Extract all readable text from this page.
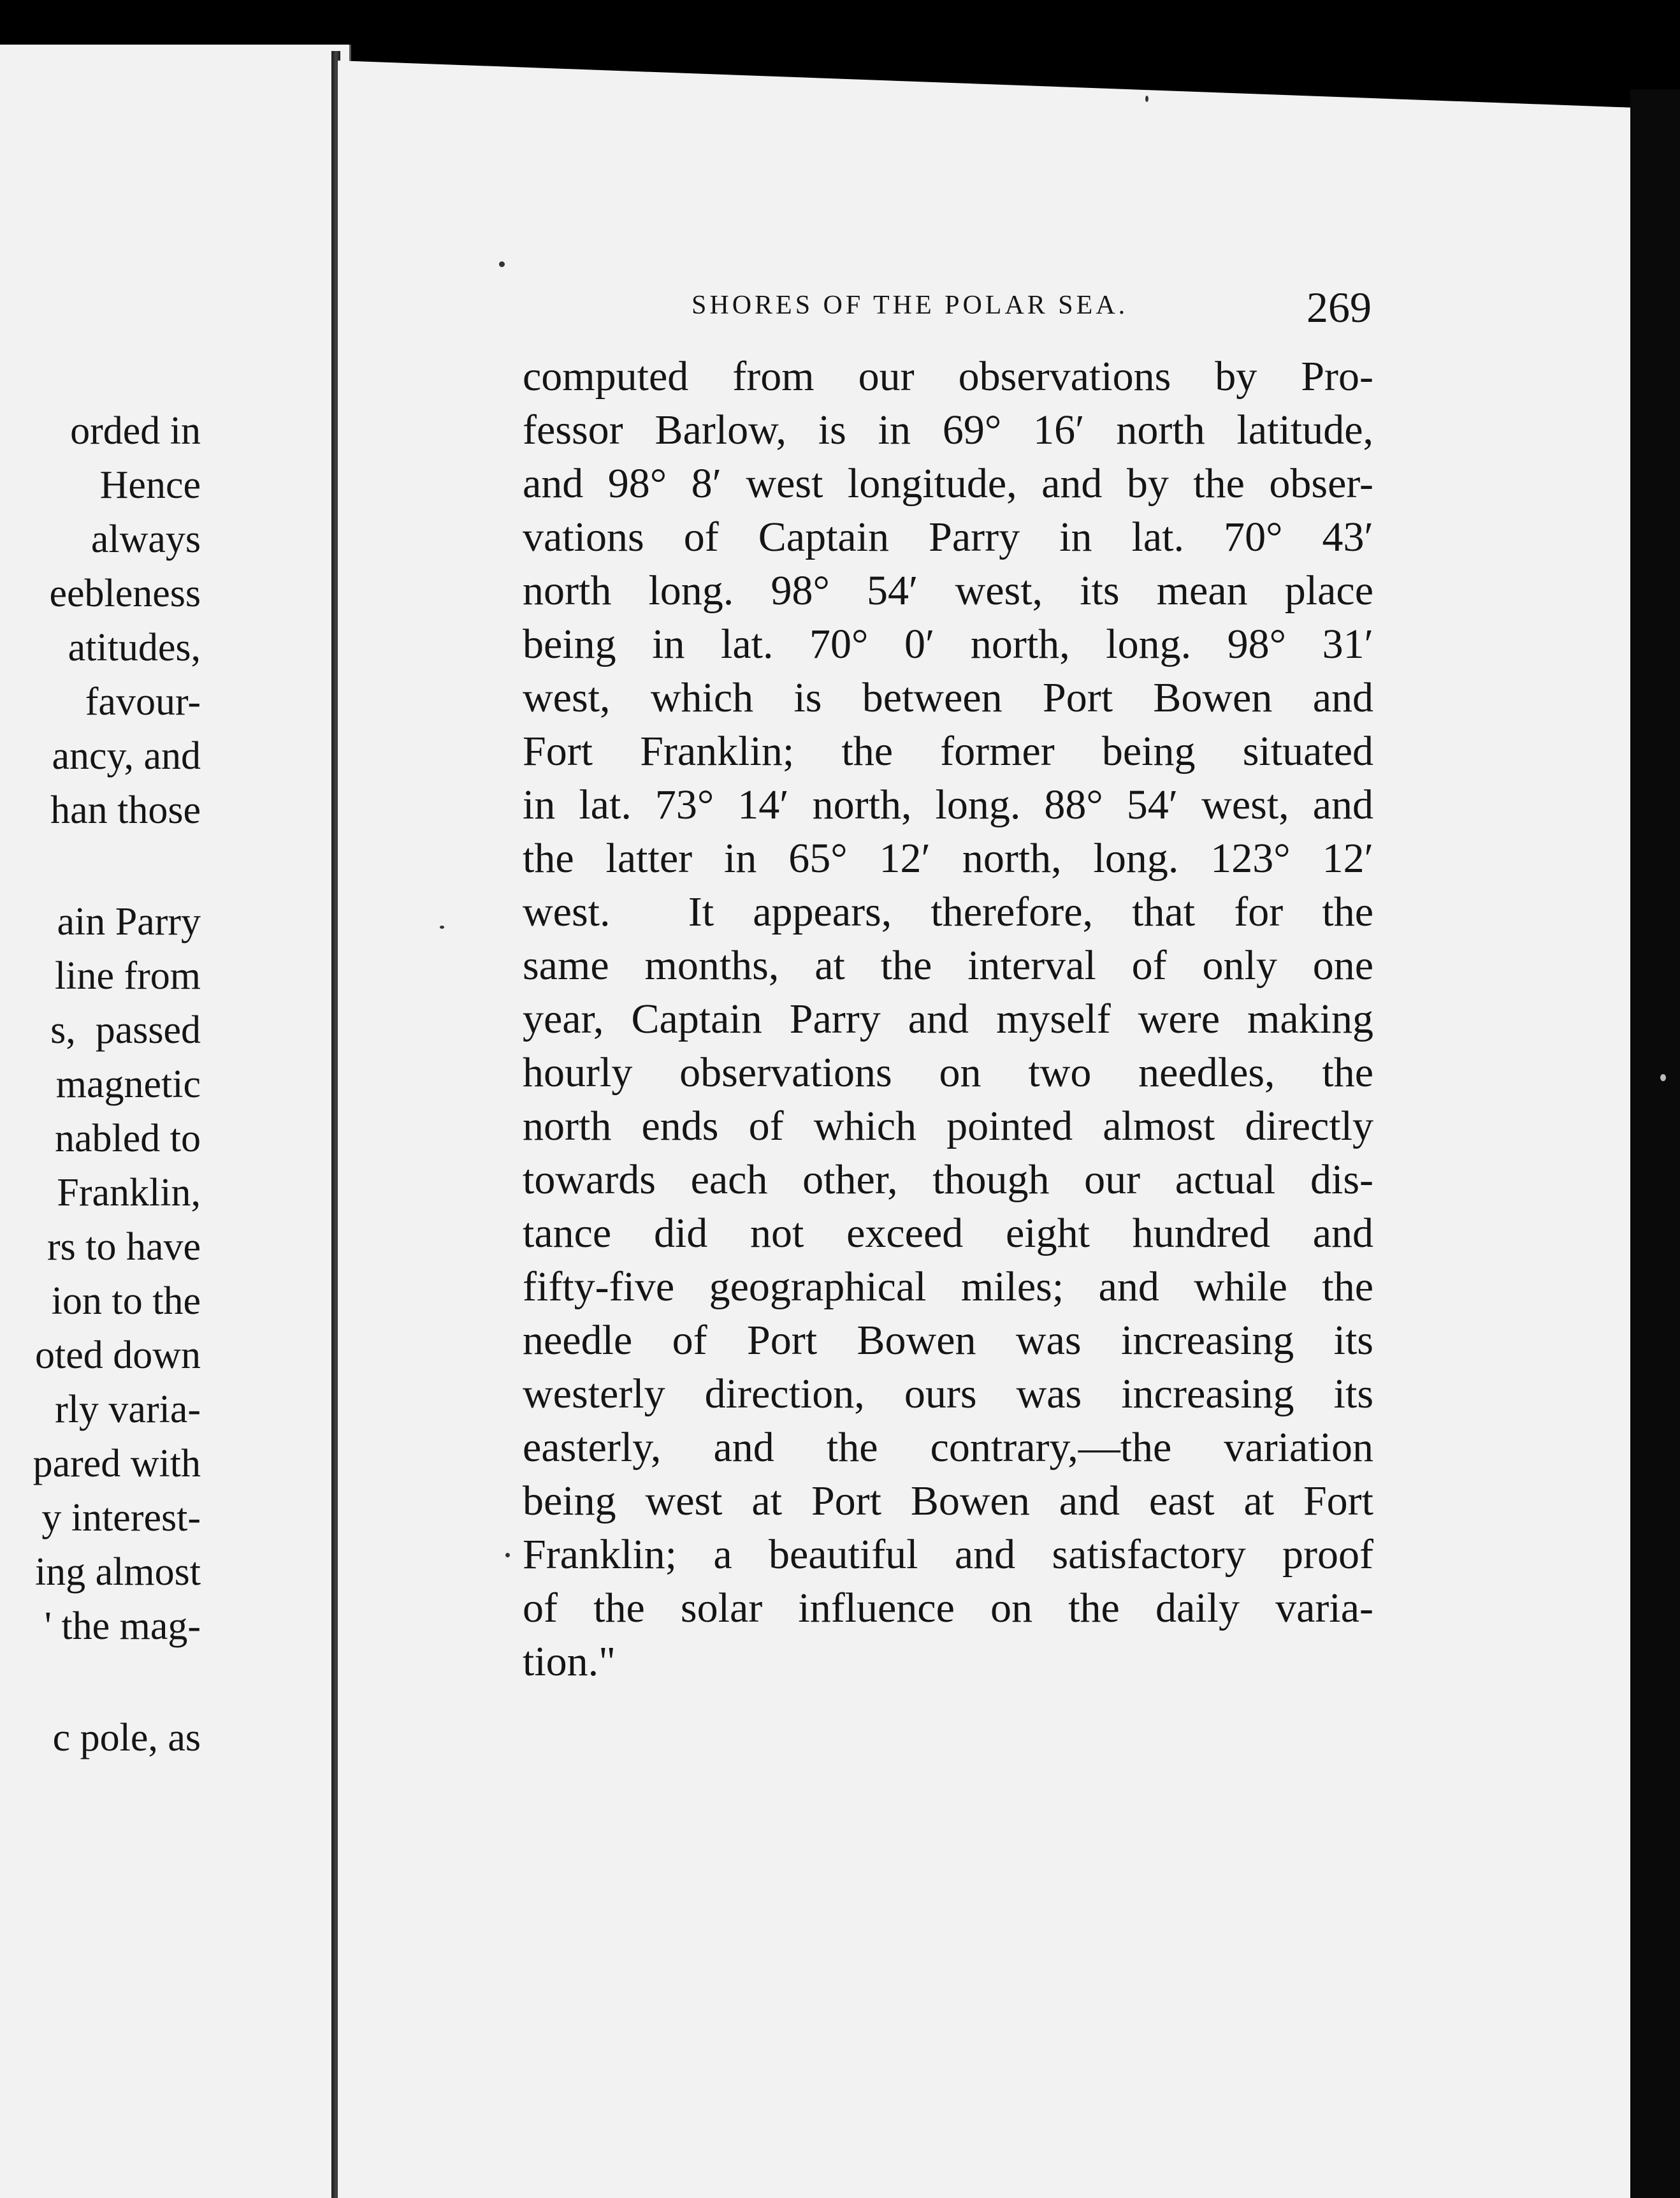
orded in
Hence
always
eebleness
atitudes,
favour-
ancy, and
han those
ain Parry
line from
s,  passed
magnetic
nabled to
Franklin,
rs to have
ion to the
oted down
rly varia-
pared with
y interest-
ing almost
' the mag-
c pole, as
SHORES OF THE POLAR SEA.	269
computed from our observations by Pro-
fessor Barlow, is in 69° 16′ north latitude,
and 98° 8′ west longitude, and by the obser-
vations of Captain Parry in lat. 70° 43′
north long. 98° 54′ west, its mean place
being in lat. 70° 0′ north, long. 98° 31′
west, which is between Port Bowen and
Fort Franklin; the former being situated
in lat. 73° 14′ north, long. 88° 54′ west, and
the latter in 65° 12′ north, long. 123° 12′
west.  It appears, therefore, that for the
same months, at the interval of only one
year, Captain Parry and myself were making
hourly observations on two needles, the
north ends of which pointed almost directly
towards each other, though our actual dis-
tance did not exceed eight hundred and
fifty-five geographical miles; and while the
needle of Port Bowen was increasing its
westerly direction, ours was increasing its
easterly, and the contrary,—the variation
being west at Port Bowen and east at Fort
Franklin; a beautiful and satisfactory proof
of the solar influence on the daily varia-
tion."
